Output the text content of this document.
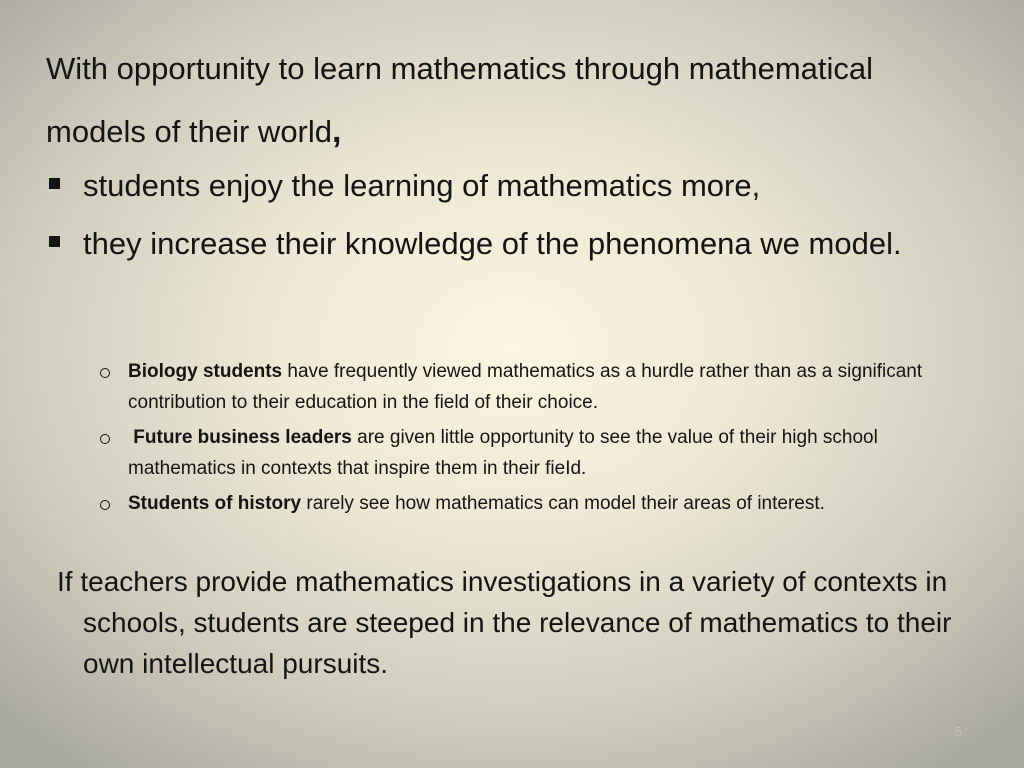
With opportunity to learn mathematics through mathematical models of their world,

students enjoy the learning of mathematics more,
they increase their knowledge of the phenomena we model.
Biology students have frequently viewed mathematics as a hurdle rather than as a significant contribution to their education in the field of their choice.
Future business leaders are given little opportunity to see the value of their high school mathematics in contexts that inspire them in their fieId.
Students of history rarely see how mathematics can model their areas of interest.

If teachers provide mathematics investigations in a variety of contexts in schools, students are steeped in the relevance of mathematics to their own intellectual pursuits.

5
